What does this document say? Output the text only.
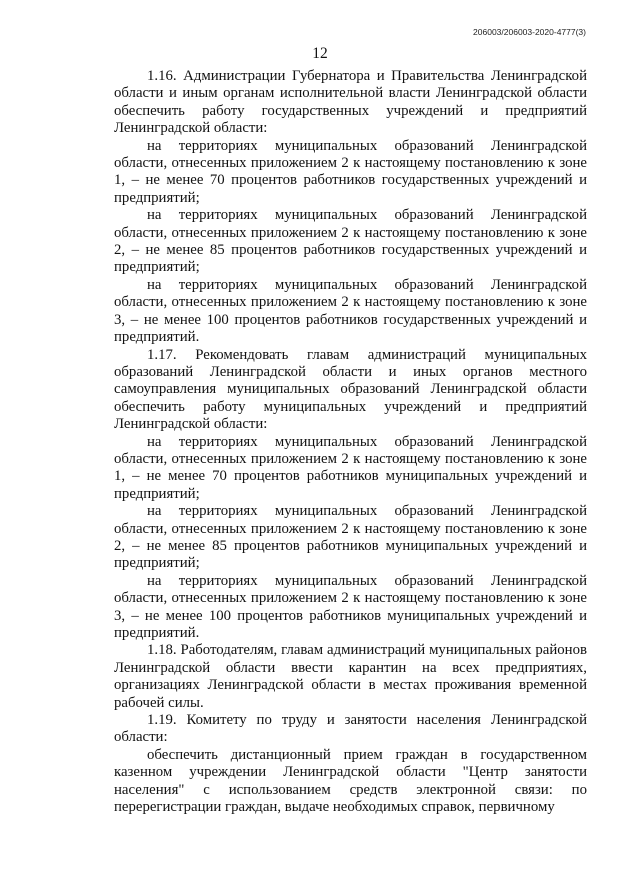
206003/206003-2020-4777(3)
12

1.16. Администрации Губернатора и Правительства Ленинградской области и иным органам исполнительной власти Ленинградской области обеспечить работу государственных учреждений и предприятий Ленинградской области:

на территориях муниципальных образований Ленинградской области, отнесенных приложением 2 к настоящему постановлению к зоне 1, – не менее 70 процентов работников государственных учреждений и предприятий;

на территориях муниципальных образований Ленинградской области, отнесенных приложением 2 к настоящему постановлению к зоне 2, – не менее 85 процентов работников государственных учреждений и предприятий;

на территориях муниципальных образований Ленинградской области, отнесенных приложением 2 к настоящему постановлению к зоне 3, – не менее 100 процентов работников государственных учреждений и предприятий.

1.17. Рекомендовать главам администраций муниципальных образований Ленинградской области и иных органов местного самоуправления муниципальных образований Ленинградской области обеспечить работу муниципальных учреждений и предприятий Ленинградской области:

на территориях муниципальных образований Ленинградской области, отнесенных приложением 2 к настоящему постановлению к зоне 1, – не менее 70 процентов работников муниципальных учреждений и предприятий;

на территориях муниципальных образований Ленинградской области, отнесенных приложением 2 к настоящему постановлению к зоне 2, – не менее 85 процентов работников муниципальных учреждений и предприятий;

на территориях муниципальных образований Ленинградской области, отнесенных приложением 2 к настоящему постановлению к зоне 3, – не менее 100 процентов работников муниципальных учреждений и предприятий.

1.18. Работодателям, главам администраций муниципальных районов Ленинградской области ввести карантин на всех предприятиях, организациях Ленинградской области в местах проживания временной рабочей силы.

1.19. Комитету по труду и занятости населения Ленинградской области:

обеспечить дистанционный прием граждан в государственном казенном учреждении Ленинградской области "Центр занятости населения" с использованием средств электронной связи: по перерегистрации граждан, выдаче необходимых справок, первичному
